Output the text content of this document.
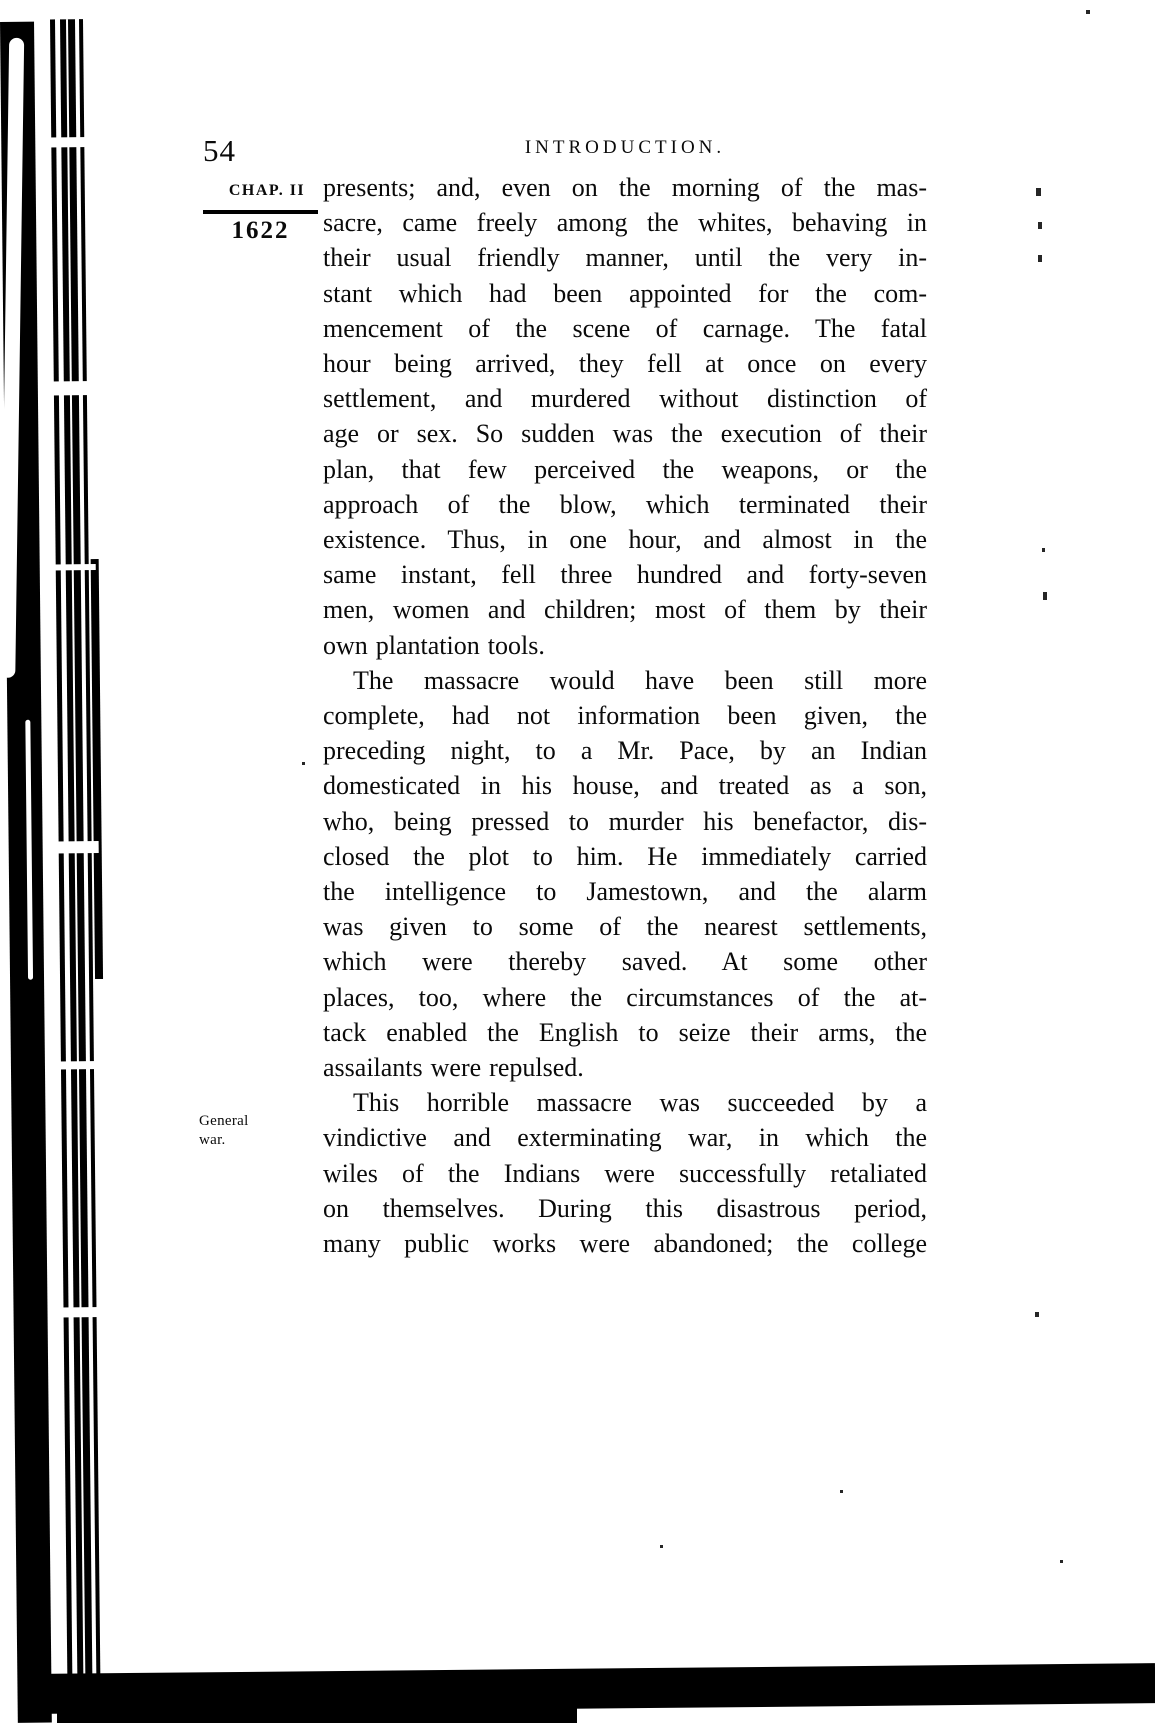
54	INTRODUCTION.
CHAP. II
1622
General
war.
presents; and, even on the morning of the mas-
sacre, came freely among the whites, behaving in
their usual friendly manner, until the very in-
stant which had been appointed for the com-
mencement of the scene of carnage. The fatal
hour being arrived, they fell at once on every
settlement, and murdered without distinction of
age or sex. So sudden was the execution of their
plan, that few perceived the weapons, or the
approach of the blow, which terminated their
existence. Thus, in one hour, and almost in the
same instant, fell three hundred and forty-seven
men, women and children; most of them by their
own plantation tools.
The massacre would have been still more
complete, had not information been given, the
preceding night, to a Mr. Pace, by an Indian
domesticated in his house, and treated as a son,
who, being pressed to murder his benefactor, dis-
closed the plot to him. He immediately carried
the intelligence to Jamestown, and the alarm
was given to some of the nearest settlements,
which were thereby saved. At some other
places, too, where the circumstances of the at-
tack enabled the English to seize their arms, the
assailants were repulsed.
This horrible massacre was succeeded by a
vindictive and exterminating war, in which the
wiles of the Indians were successfully retaliated
on themselves. During this disastrous period,
many public works were abandoned; the college
